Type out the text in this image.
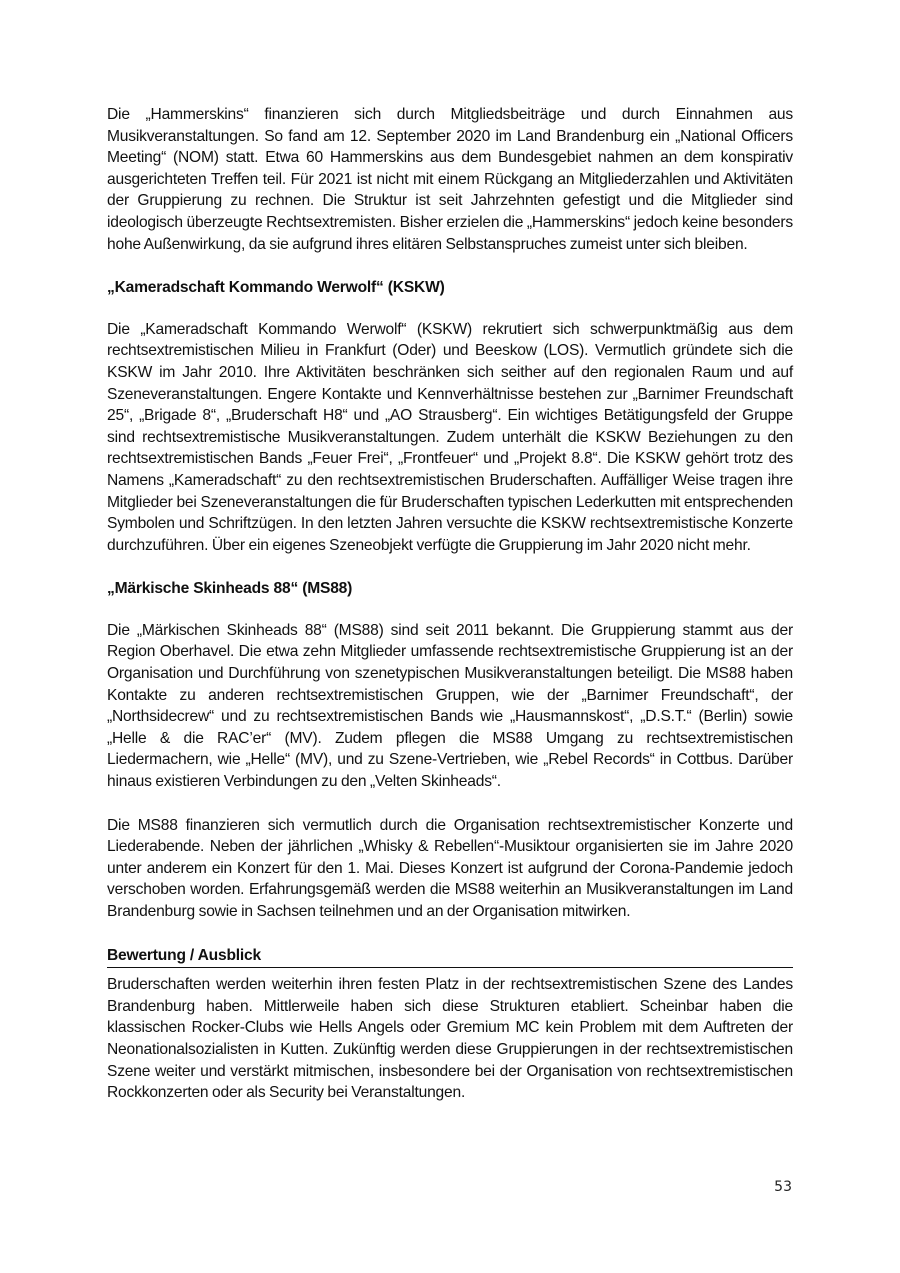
Die „Hammerskins“ finanzieren sich durch Mitgliedsbeiträge und durch Einnahmen aus Musikveranstaltungen. So fand am 12. September 2020 im Land Brandenburg ein „National Officers Meeting“ (NOM) statt. Etwa 60 Hammerskins aus dem Bundesgebiet nahmen an dem konspirativ ausgerichteten Treffen teil. Für 2021 ist nicht mit einem Rückgang an Mitgliederzahlen und Aktivitäten der Gruppierung zu rechnen. Die Struktur ist seit Jahrzehnten gefestigt und die Mitglieder sind ideologisch überzeugte Rechtsextremisten. Bisher erzielen die „Hammerskins“ jedoch keine besonders hohe Außenwirkung, da sie aufgrund ihres elitären Selbstanspruches zumeist unter sich bleiben.

„Kameradschaft Kommando Werwolf“ (KSKW)

Die „Kameradschaft Kommando Werwolf“ (KSKW) rekrutiert sich schwerpunktmäßig aus dem rechtsextremistischen Milieu in Frankfurt (Oder) und Beeskow (LOS). Vermutlich gründete sich die KSKW im Jahr 2010. Ihre Aktivitäten beschränken sich seither auf den regionalen Raum und auf Szeneveranstaltungen. Engere Kontakte und Kennverhältnisse bestehen zur „Barnimer Freundschaft 25“, „Brigade 8“, „Bruderschaft H8“ und „AO Strausberg“. Ein wichtiges Betätigungsfeld der Gruppe sind rechtsextremistische Musikveranstaltungen. Zudem unterhält die KSKW Beziehungen zu den rechtsextremistischen Bands „Feuer Frei“, „Frontfeuer“ und „Projekt 8.8“. Die KSKW gehört trotz des Namens „Kameradschaft“ zu den rechtsextremistischen Bruderschaften. Auffälliger Weise tragen ihre Mitglieder bei Szeneveranstaltungen die für Bruderschaften typischen Lederkutten mit entsprechenden Symbolen und Schriftzügen. In den letzten Jahren versuchte die KSKW rechtsextremistische Konzerte durchzuführen. Über ein eigenes Szeneobjekt verfügte die Gruppierung im Jahr 2020 nicht mehr.

„Märkische Skinheads 88“ (MS88)

Die „Märkischen Skinheads 88“ (MS88) sind seit 2011 bekannt. Die Gruppierung stammt aus der Region Oberhavel. Die etwa zehn Mitglieder umfassende rechtsextremistische Gruppierung ist an der Organisation und Durchführung von szenetypischen Musikveranstaltungen beteiligt. Die MS88 haben Kontakte zu anderen rechtsextremistischen Gruppen, wie der „Barnimer Freundschaft“, der „Northsidecrew“ und zu rechtsextremistischen Bands wie „Hausmannskost“, „D.S.T.“ (Berlin) sowie „Helle & die RAC’er“ (MV). Zudem pflegen die MS88 Umgang zu rechtsextremistischen Liedermachern, wie „Helle“ (MV), und zu Szene-Vertrieben, wie „Rebel Records“ in Cottbus. Darüber hinaus existieren Verbindungen zu den „Velten Skinheads“.

Die MS88 finanzieren sich vermutlich durch die Organisation rechtsextremistischer Konzerte und Liederabende. Neben der jährlichen „Whisky & Rebellen“-Musiktour organisierten sie im Jahre 2020 unter anderem ein Konzert für den 1. Mai. Dieses Konzert ist aufgrund der Corona-Pandemie jedoch verschoben worden. Erfahrungsgemäß werden die MS88 weiterhin an Musikveranstaltungen im Land Brandenburg sowie in Sachsen teilnehmen und an der Organisation mitwirken.

Bewertung / Ausblick

Bruderschaften werden weiterhin ihren festen Platz in der rechtsextremistischen Szene des Landes Brandenburg haben. Mittlerweile haben sich diese Strukturen etabliert. Scheinbar haben die klassischen Rocker-Clubs wie Hells Angels oder Gremium MC kein Problem mit dem Auftreten der Neonationalsozialisten in Kutten. Zukünftig werden diese Gruppierungen in der rechtsextremistischen Szene weiter und verstärkt mitmischen, insbesondere bei der Organisation von rechtsextremistischen Rockkonzerten oder als Security bei Veranstaltungen.

53
